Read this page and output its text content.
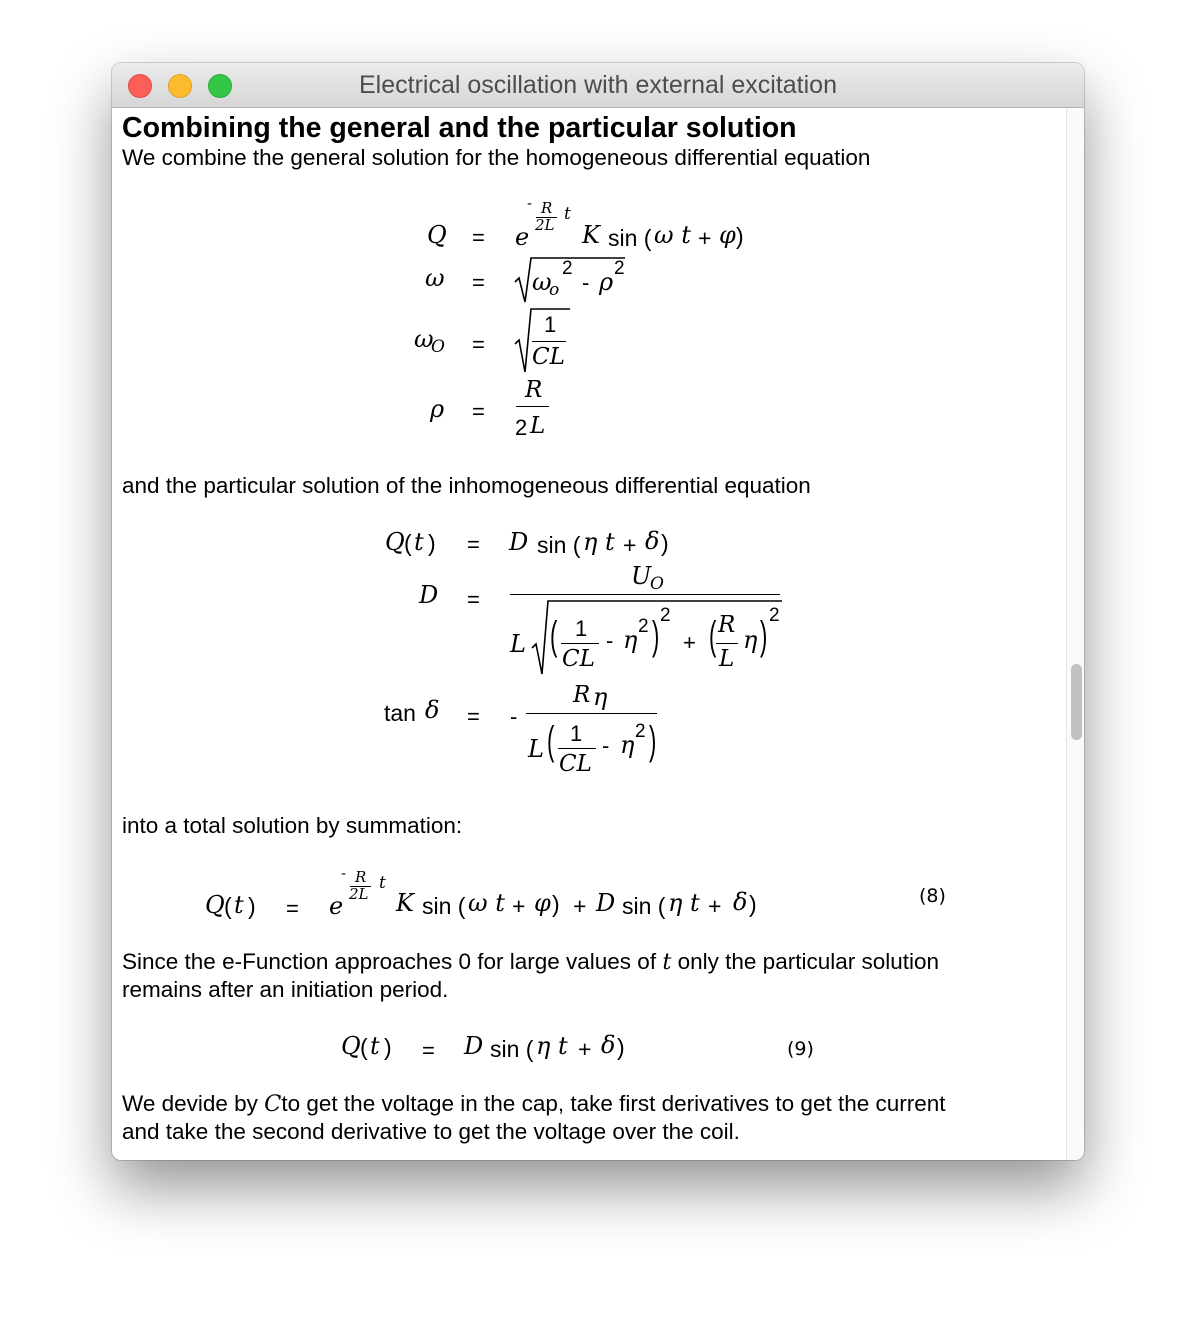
Electrical oscillation with external excitation
Combining the general and the particular solution
We combine the general solution for the homogeneous differential equation
Q = e
- R
2L
t
K sin ( ω t + φ )
ω = ω
o
2
- ρ 2
ω
O =
1
CL
ρ =
R
2 L
and the particular solution of the inhomogeneous differential equation
Q ( t ) = D sin ( η t + δ )
D =
U
O
L ( 1
CL
- η 2 ) 2
+ ( R
L
η ) 2
tan δ = -
R η
L ( 1
CL
- η 2 )
into a total solution by summation:
Q ( t ) = e
- R
2L
t
K sin ( ω t + φ ) + D sin ( η t + δ )	(8)
Since the e-Function approaches 0 for large values of t only the particular solution
remains after an initiation period.
Q ( t ) = D sin ( η t + δ )	(9)
We devide by Cto get the voltage in the cap, take first derivatives to get the current
and take the second derivative to get the voltage over the coil.
